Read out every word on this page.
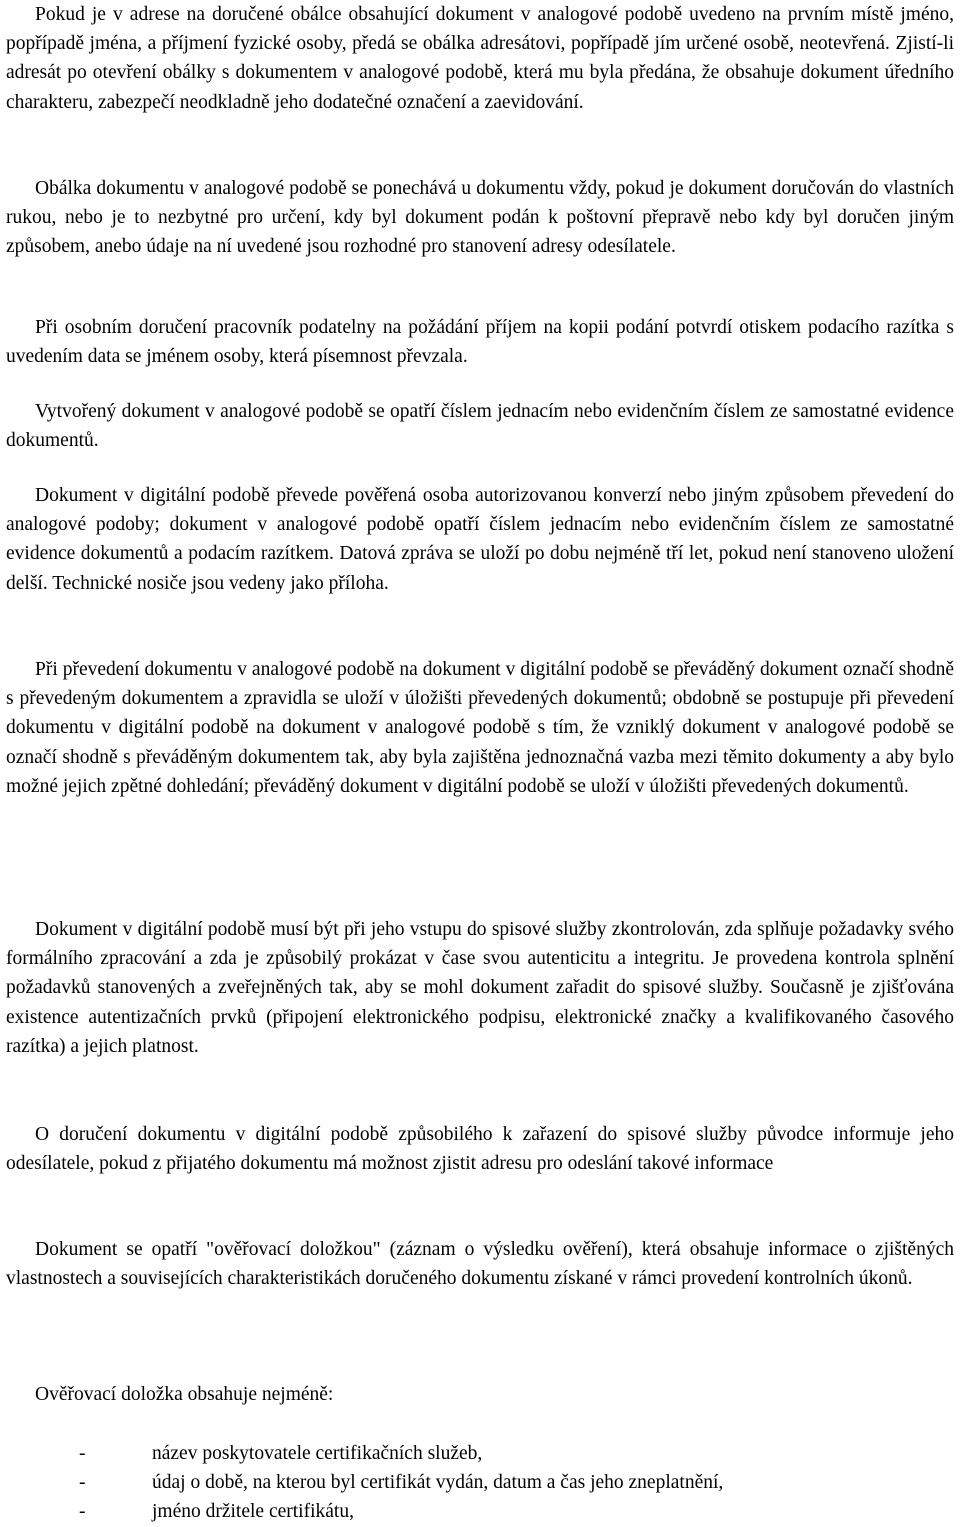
Pokud je v adrese na doručené obálce obsahující dokument v analogové podobě uvedeno na prvním místě jméno, popřípadě jména, a příjmení fyzické osoby, předá se obálka adresátovi, popřípadě jím určené osobě, neotevřená. Zjistí-li adresát po otevření obálky s dokumentem v analogové podobě, která mu byla předána, že obsahuje dokument úředního charakteru, zabezpečí neodkladně jeho dodatečné označení a zaevidování.

Obálka dokumentu v analogové podobě se ponechává u dokumentu vždy, pokud je dokument doručován do vlastních rukou, nebo je to nezbytné pro určení, kdy byl dokument podán k poštovní přepravě nebo kdy byl doručen jiným způsobem, anebo údaje na ní uvedené jsou rozhodné pro stanovení adresy odesílatele.

Při osobním doručení pracovník podatelny na požádání příjem na kopii podání potvrdí otiskem podacího razítka s uvedením data se jménem osoby, která písemnost převzala.

Vytvořený dokument v analogové podobě se opatří číslem jednacím nebo evidenčním číslem ze samostatné evidence dokumentů.

Dokument v digitální podobě převede pověřená osoba autorizovanou konverzí nebo jiným způsobem převedení do analogové podoby; dokument v analogové podobě opatří číslem jednacím nebo evidenčním číslem ze samostatné evidence dokumentů a podacím razítkem. Datová zpráva se uloží po dobu nejméně tří let, pokud není stanoveno uložení delší. Technické nosiče jsou vedeny jako příloha.

Při převedení dokumentu v analogové podobě na dokument v digitální podobě se převáděný dokument označí shodně s převedeným dokumentem a zpravidla se uloží v úložišti převedených dokumentů; obdobně se postupuje při převedení dokumentu v digitální podobě na dokument v analogové podobě s tím, že vzniklý dokument v analogové podobě se označí shodně s převáděným dokumentem tak, aby byla zajištěna jednoznačná vazba mezi těmito dokumenty a aby bylo možné jejich zpětné dohledání; převáděný dokument v digitální podobě se uloží v úložišti převedených dokumentů.

Dokument v digitální podobě musí být při jeho vstupu do spisové služby zkontrolován, zda splňuje požadavky svého formálního zpracování a zda je způsobilý prokázat v čase svou autenticitu a integritu. Je provedena kontrola splnění požadavků stanovených a zveřejněných tak, aby se mohl dokument zařadit do spisové služby. Současně je zjišťována existence autentizačních prvků (připojení elektronického podpisu, elektronické značky a kvalifikovaného časového razítka) a jejich platnost.

O doručení dokumentu v digitální podobě způsobilého k zařazení do spisové služby původce informuje jeho odesílatele, pokud z přijatého dokumentu má možnost zjistit adresu pro odeslání takové informace

Dokument se opatří "ověřovací doložkou" (záznam o výsledku ověření), která obsahuje informace o zjištěných vlastnostech a souvisejících charakteristikách doručeného dokumentu získané v rámci provedení kontrolních úkonů.

Ověřovací doložka obsahuje nejméně:

-	název poskytovatele certifikačních služeb,
-	údaj o době, na kterou byl certifikát vydán, datum a čas jeho zneplatnění,
-	jméno držitele certifikátu,
